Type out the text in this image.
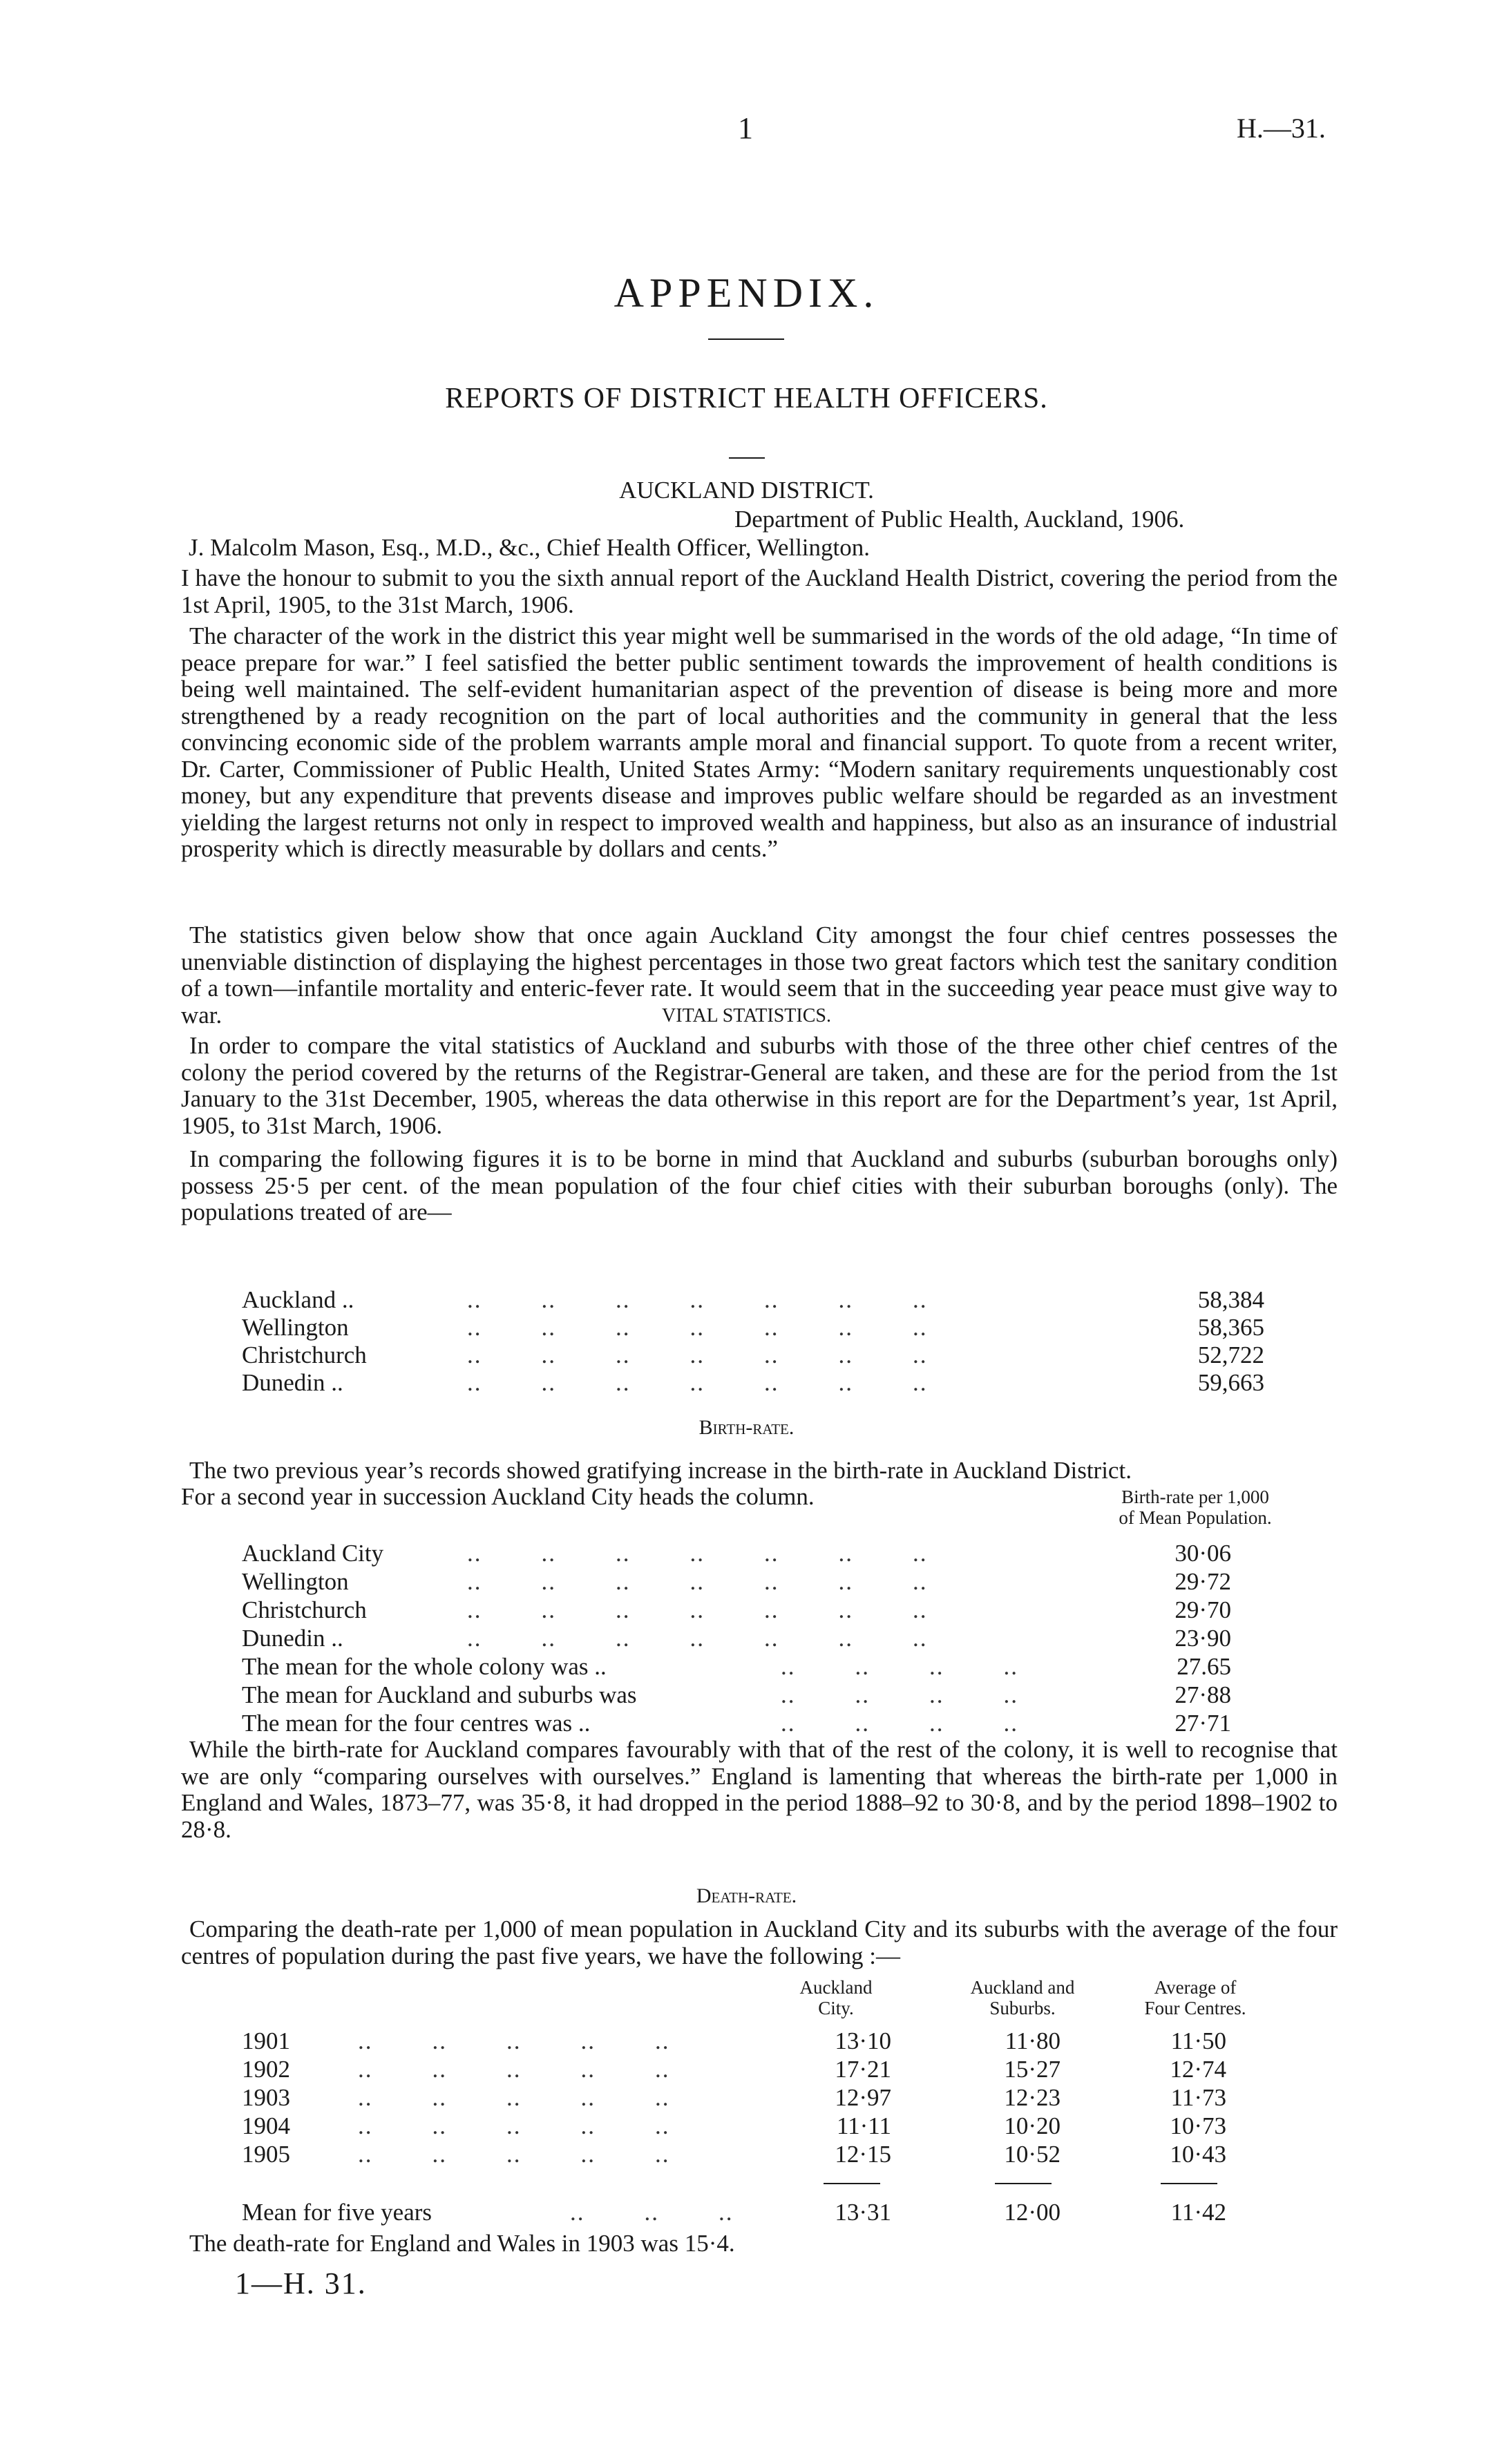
1	H.—31.
APPENDIX.
REPORTS OF DISTRICT HEALTH OFFICERS.
AUCKLAND DISTRICT.
Department of Public Health, Auckland, 1906.
J. Malcolm Mason, Esq., M.D., &c., Chief Health Officer, Wellington.
I have the honour to submit to you the sixth annual report of the Auckland Health District, covering the period from the 1st April, 1905, to the 31st March, 1906.
The character of the work in the district this year might well be summarised in the words of the old adage, “In time of peace prepare for war.” I feel satisfied the better public sentiment towards the improvement of health conditions is being well maintained. The self-evident humanitarian aspect of the prevention of disease is being more and more strengthened by a ready recognition on the part of local authorities and the community in general that the less convincing economic side of the problem warrants ample moral and financial support. To quote from a recent writer, Dr. Carter, Commissioner of Public Health, United States Army: “Modern sanitary requirements unquestionably cost money, but any expenditure that prevents disease and improves public welfare should be regarded as an investment yielding the largest returns not only in respect to improved wealth and happiness, but also as an insurance of industrial prosperity which is directly measurable by dollars and cents.”
The statistics given below show that once again Auckland City amongst the four chief centres possesses the unenviable distinction of displaying the highest percentages in those two great factors which test the sanitary condition of a town—infantile mortality and enteric-fever rate. It would seem that in the succeeding year peace must give way to war.	VITAL STATISTICS.
In order to compare the vital statistics of Auckland and suburbs with those of the three other chief centres of the colony the period covered by the returns of the Registrar-General are taken, and these are for the period from the 1st January to the 31st December, 1905, whereas the data otherwise in this report are for the Department’s year, 1st April, 1905, to 31st March, 1906.
In comparing the following figures it is to be borne in mind that Auckland and suburbs (suburban boroughs only) possess 25·5 per cent. of the mean population of the four chief cities with their suburban boroughs (only). The populations treated of are—
Auckland ..	..        ..        ..        ..        ..        ..        ..	58,384
Wellington	..        ..        ..        ..        ..        ..        ..	58,365
Christchurch	..        ..        ..        ..        ..        ..        ..	52,722
Dunedin ..	..        ..        ..        ..        ..        ..        ..	59,663
Birth-rate.
The two previous year’s records showed gratifying increase in the birth-rate in Auckland District.
For a second year in succession Auckland City heads the column.	Birth-rate per 1,000
of Mean Population.
Auckland City	..        ..        ..        ..        ..        ..        ..	30·06
Wellington	..        ..        ..        ..        ..        ..        ..	29·72
Christchurch	..        ..        ..        ..        ..        ..        ..	29·70
Dunedin ..	..        ..        ..        ..        ..        ..        ..	23·90
The mean for the whole colony was ..	..        ..        ..        ..	27.65
The mean for Auckland and suburbs was	..        ..        ..        ..	27·88
The mean for the four centres was ..	..        ..        ..        ..	27·71
While the birth-rate for Auckland compares favourably with that of the rest of the colony, it is well to recognise that we are only “comparing ourselves with ourselves.” England is lamenting that whereas the birth-rate per 1,000 in England and Wales, 1873–77, was 35·8, it had dropped in the period 1888–92 to 30·8, and by the period 1898–1902 to 28·8.
Death-rate.
Comparing the death-rate per 1,000 of mean population in Auckland City and its suburbs with the average of the four centres of population during the past five years, we have the following :—
Auckland
City.
Auckland and
Suburbs.
Average of
Four Centres.
1901	..        ..        ..        ..        ..	13·10	11·80	11·50
1902	..        ..        ..        ..        ..	17·21	15·27	12·74
1903	..        ..        ..        ..        ..	12·97	12·23	11·73
1904	..        ..        ..        ..        ..	11·11	10·20	10·73
1905	..        ..        ..        ..        ..	12·15	10·52	10·43
Mean for five years	..        ..        ..	13·31	12·00	11·42
The death-rate for England and Wales in 1903 was 15·4.
1—H. 31.
